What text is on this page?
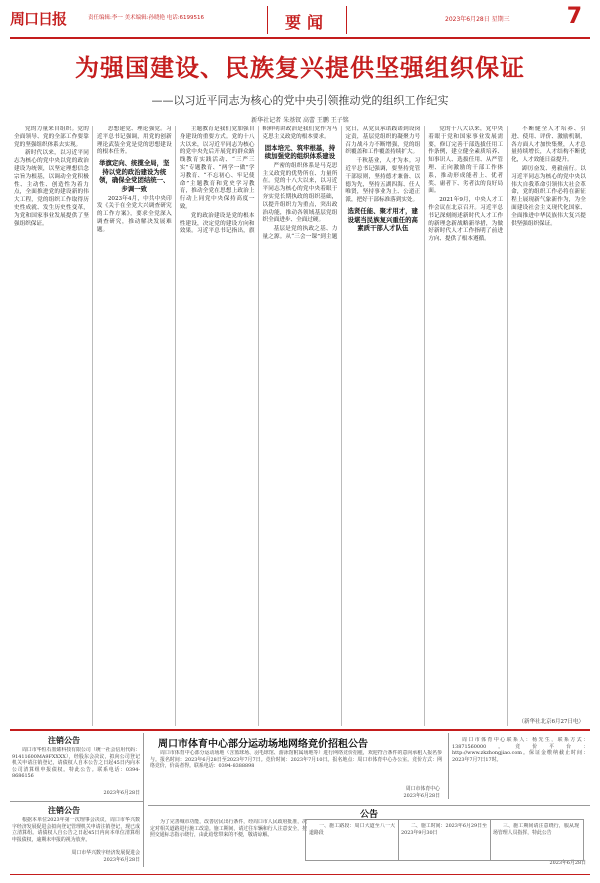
周口日报	责任编辑:李一 美术编辑:孙晓艳 电话:6199516	要闻	2023年6月28日 星期三	7
为强国建设、民族复兴提供坚强组织保证
——以习近平同志为核心的党中央引领推动党的组织工作纪实
新华社记者 朱基钗 高蕾 王鹏 王子铭

党的力量来自组织。党的全面领导、党的全部工作要靠党的坚强组织体系去实现。

新时代以来，以习近平同志为核心的党中央以党的政治建设为统领，以坚定理想信念宗旨为根基，以调动全党积极性、主动性、创造性为着力点，全面推进党的建设新的伟大工程，党的组织工作取得历史性成就、发生历史性变革，为党和国家事业发展提供了坚强组织保证。

思想建党、理论强党。习近平总书记强调，用党的创新理论武装全党是党的思想建设的根本任务。

举旗定向、统揽全局，坚持以党的政治建设为统领，确保全党团结统一、步调一致

2023年4月，中共中央印发《关于在全党大兴调查研究的工作方案》，要求全党深入调查研究，推动解决发展难题。

主题教育是我们党加强自身建设的重要方式。党的十八大以来，以习近平同志为核心的党中央先后开展党的群众路线教育实践活动、“三严三实”专题教育、“两学一做”学习教育、“不忘初心、牢记使命”主题教育和党史学习教育，推动全党在思想上政治上行动上同党中央保持高度一致。

党的政治建设是党的根本性建设，决定党的建设方向和效果。习近平总书记指出，旗帜鲜明讲政治是我们党作为马克思主义政党的根本要求。

固本培元、筑牢根基，持续加强党的组织体系建设

严密的组织体系是马克思主义政党的优势所在、力量所在。党的十八大以来，以习近平同志为核心的党中央着眼于夯实党长期执政的组织基础，以提升组织力为重点，突出政治功能，推动各领域基层党组织全面进步、全面过硬。

基层是党的执政之基、力量之源。从“三会一课”到主题党日，从党员承诺践诺到设岗定责，基层党组织的凝聚力号召力战斗力不断增强，党的组织覆盖和工作覆盖持续扩大。

千秋基业，人才为本。习近平总书记强调，要坚持党管干部原则，坚持德才兼备、以德为先，坚持五湖四海、任人唯贤，坚持事业为上、公道正派，把好干部标准落到实处。

选贤任能、聚才用才，建设堪当民族复兴重任的高素质干部人才队伍

党的十八大以来，党中央着眼于党和国家事业发展需要，修订完善干部选拔任用工作条例，建立健全素质培养、知事识人、选拔任用、从严管理、正向激励的干部工作体系，推动形成能者上、优者奖、庸者下、劣者汰的良好局面。

2021年9月，中央人才工作会议在北京召开。习近平总书记深刻阐述新时代人才工作的新理念新战略新举措，为做好新时代人才工作指明了前进方向、提供了根本遵循。

不断健全人才培养、引进、使用、评价、激励机制，各方面人才加快集聚，人才总量持续增长，人才结构不断优化，人才效能日益提升。

踔厉奋发、勇毅前行。以习近平同志为核心的党中央以伟大自我革命引领伟大社会革命，党的组织工作必将在新征程上展现新气象新作为，为全面建设社会主义现代化国家、全面推进中华民族伟大复兴提供坚强组织保证。

（新华社北京6月27日电）
注销公告

周口市华恒石墨烯科技有限公司（统一社会信用代码：91411600MA9FXXXX），经股东会决议，拟向公司登记机关申请注销登记，请债权人自本公告之日起45日内向本公司清算组申报债权。特此公告。联系电话：0394-8686156

2023年6月28日
注销公告

根据本单位2023年第一次理事会决议，周口市华兴数字经济发展促进会拟向登记管理机关申请注销登记，现已成立清算组。请债权人自公告之日起45日内向本单位清算组申报债权，逾期未申报的视为放弃。

周口市华兴数字经济发展促进会
2023年6月28日
周口市体育中心部分运动场地网络竞价招租公告

周口市体育中心部分运动场地（含篮球场、羽毛球馆、游泳馆附属场地等）进行网络竞价招租，欢迎符合条件的意向承租人报名参与。报名时间：2023年6月28日至2023年7月7日。竞价时间：2023年7月10日。报名地点：周口市体育中心办公室。竞价方式：网络竞价，价高者得。联系电话：0394-8388898

周口市体育中心
2023年6月28日

周口市体育中心联系人：杨先生，联系方式：13871560000。竞价平台：http://www.zkzhongjiao.com。保证金缴纳截止时间：2023年7月7日17时。

公告

为了完善城市功能，改善居民出行条件，经周口市人民政府批准，决定对相关道路进行施工改造。施工期间，请过往车辆和行人注意安全，按照交通标志指示绕行，由此给您带来的不便，敬请谅解。

2023年6月28日

一、施工路段：周口大道至八一大道路段

二、施工时间：2023年6月29日至2023年9月30日

三、施工期间请注意绕行，服从现场管理人员指挥，特此公告
